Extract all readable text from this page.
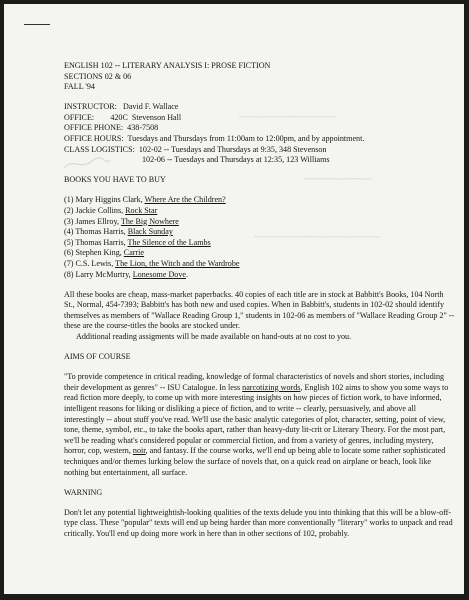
~~~~~~~~~~~~~~~~~~~~
~~~~~~~~~~~~~~
~~~~~~~~~~~~~~~~~~~~~~~~~~
ENGLISH 102 -- LITERARY ANALYSIS I: PROSE FICTION
SECTIONS 02 & 06
FALL '94
INSTRUCTOR:   David F. Wallace
OFFICE:        420C  Stevenson Hall
OFFICE PHONE:  438-7508
OFFICE HOURS:  Tuesdays and Thursdays from 11:00am to 12:00pm, and by appointment.
CLASS LOGISTICS:  102-02 -- Tuesdays and Thursdays at 9:35, 348 Stevenson
102-06 -- Tuesdays and Thursdays at 12:35, 123 Williams
BOOKS YOU HAVE TO BUY
(1) Mary Higgins Clark, Where Are the Children?
(2) Jackie Collins, Rock Star
(3) James Ellroy, The Big Nowhere
(4) Thomas Harris, Black Sunday
(5) Thomas Harris, The Silence of the Lambs
(6) Stephen King, Carrie
(7) C.S. Lewis, The Lion, the Witch and the Wardrobe
(8) Larry McMurtry, Lonesome Dove.
All these books are cheap, mass-market paperbacks. 40 copies of each title are in stock at Babbitt's Books, 104 North St., Normal, 454-7393; Babbitt's has both new and used copies. When in Babbitt's, students in 102-02 should identify themselves as members of "Wallace Reading Group 1," students in 102-06 as members of "Wallace Reading Group 2" -- these are the course-titles the books are stocked under.
Additional reading assigments will be made available on hand-outs at no cost to you.
AIMS OF COURSE
"To provide competence in critical reading, knowledge of formal characteristics of novels and short stories, including their development as genres" -- ISU Catalogue. In less narcotizing words, English 102 aims to show you some ways to read fiction more deeply, to come up with more interesting insights on how pieces of fiction work, to have informed, intelligent reasons for liking or disliking a piece of fiction, and to write -- clearly, persuasively, and above all interestingly -- about stuff you've read. We'll use the basic analytic categories of plot, character, setting, point of view, tone, theme, symbol, etc., to take the books apart, rather than heavy-duty lit-crit or Literary Theory. For the most part, we'll be reading what's considered popular or commercial fiction, and from a variety of genres, including mystery, horror, cop, western, noir, and fantasy. If the course works, we'll end up being able to locate some rather sophisticated techniques and/or themes lurking below the surface of novels that, on a quick read on airplane or beach, look like nothing but entertainment, all surface.
WARNING
Don't let any potential lightweightish-looking qualities of the texts delude you into thinking that this will be a blow-off-type class. These "popular" texts will end up being harder than more conventionally "literary" works to unpack and read critically. You'll end up doing more work in here than in other sections of 102, probably.
